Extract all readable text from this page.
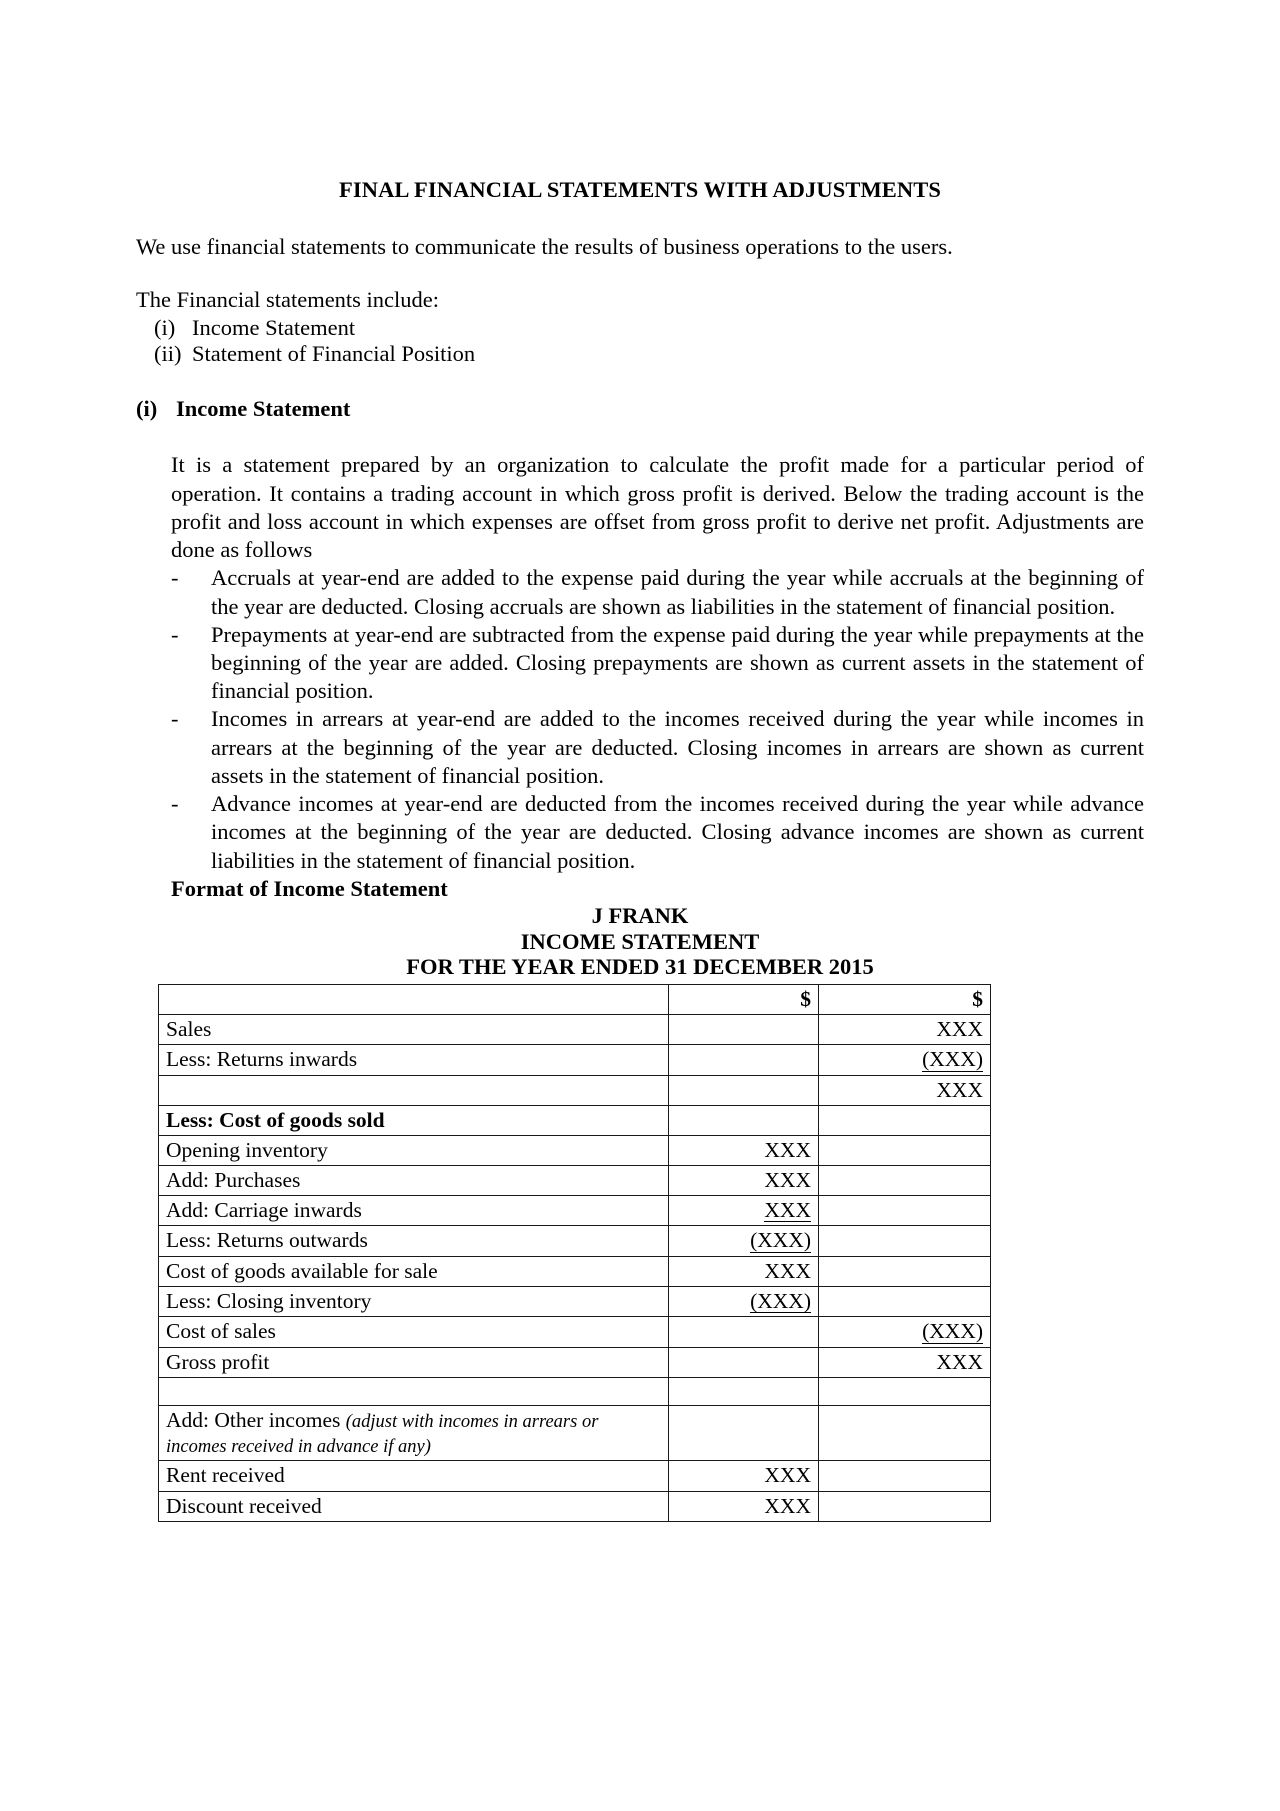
FINAL FINANCIAL STATEMENTS WITH ADJUSTMENTS

We use financial statements to communicate the results of business operations to the users.

The Financial statements include:

(i) Income Statement
(ii) Statement of Financial Position
(i) Income Statement

It is a statement prepared by an organization to calculate the profit made for a particular period of operation. It contains a trading account in which gross profit is derived. Below the trading account is the profit and loss account in which expenses are offset from gross profit to derive net profit. Adjustments are done as follows

-	Accruals at year-end are added to the expense paid during the year while accruals at the beginning of the year are deducted. Closing accruals are shown as liabilities in the statement of financial position.
-	Prepayments at year-end are subtracted from the expense paid during the year while prepayments at the beginning of the year are added. Closing prepayments are shown as current assets in the statement of financial position.
-	Incomes in arrears at year-end are added to the incomes received during the year while incomes in arrears at the beginning of the year are deducted. Closing incomes in arrears are shown as current assets in the statement of financial position.
-	Advance incomes at year-end are deducted from the incomes received during the year while advance incomes at the beginning of the year are deducted. Closing advance incomes are shown as current liabilities in the statement of financial position.
Format of Income Statement
J FRANK
INCOME STATEMENT
FOR THE YEAR ENDED 31 DECEMBER 2015
	$	$
Sales		XXX
Less: Returns inwards		(XXX)
		XXX
Less: Cost of goods sold		
Opening inventory	XXX	
Add: Purchases	XXX	
Add: Carriage inwards	XXX	
Less: Returns outwards	(XXX)	
Cost of goods available for sale	XXX	
Less: Closing inventory	(XXX)	
Cost of sales		(XXX)
Gross profit		XXX

Add: Other incomes (adjust with incomes in arrears or incomes received in advance if any)		
Rent received	XXX	
Discount received	XXX	
